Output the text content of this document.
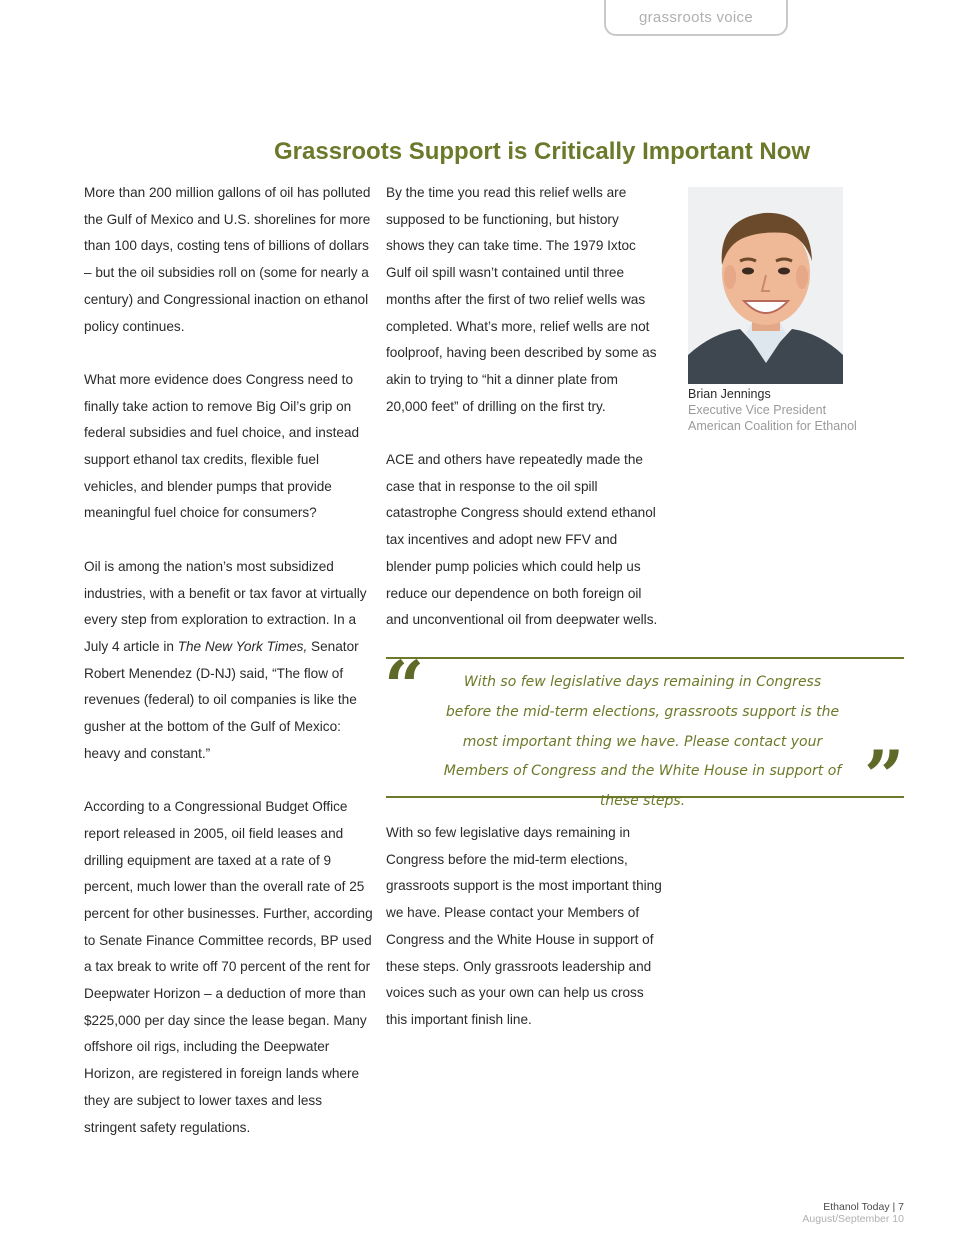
grassroots voice
Grassroots Support is Critically Important Now

More than 200 million gallons of oil has polluted the Gulf of Mexico and U.S. shorelines for more than 100 days, costing tens of billions of dollars – but the oil subsidies roll on (some for nearly a century) and Congressional inaction on ethanol policy continues.

What more evidence does Congress need to finally take action to remove Big Oil’s grip on federal subsidies and fuel choice, and instead support ethanol tax credits, flexible fuel vehicles, and blender pumps that provide meaningful fuel choice for consumers?

Oil is among the nation’s most subsidized industries, with a benefit or tax favor at virtually every step from exploration to extraction. In a July 4 article in The New York Times, Senator Robert Menendez (D-NJ) said, “The flow of revenues (federal) to oil companies is like the gusher at the bottom of the Gulf of Mexico: heavy and constant.”

According to a Congressional Budget Office report released in 2005, oil field leases and drilling equipment are taxed at a rate of 9 percent, much lower than the overall rate of 25 percent for other businesses. Further, according to Senate Finance Committee records, BP used a tax break to write off 70 percent of the rent for Deepwater Horizon – a deduction of more than $225,000 per day since the lease began. Many offshore oil rigs, including the Deepwater Horizon, are registered in foreign lands where they are subject to lower taxes and less stringent safety regulations.

By the time you read this relief wells are supposed to be functioning, but history shows they can take time. The 1979 Ixtoc Gulf oil spill wasn’t contained until three months after the first of two relief wells was completed. What’s more, relief wells are not foolproof, having been described by some as akin to trying to “hit a dinner plate from 20,000 feet” of drilling on the first try.

ACE and others have repeatedly made the case that in response to the oil spill catastrophe Congress should extend ethanol tax incentives and adopt new FFV and blender pump policies which could help us reduce our dependence on both foreign oil and unconventional oil from deepwater wells.

Brian Jennings
Executive Vice President
American Coalition for Ethanol
“	With so few legislative days remaining in Congress before the mid-term elections, grassroots support is the most important thing we have. Please contact your Members of Congress and the White House in support of these steps.	”

With so few legislative days remaining in Congress before the mid-term elections, grassroots support is the most important thing we have. Please contact your Members of Congress and the White House in support of these steps. Only grassroots leadership and voices such as your own can help us cross this important finish line.

Ethanol Today | 7
August/September 10
